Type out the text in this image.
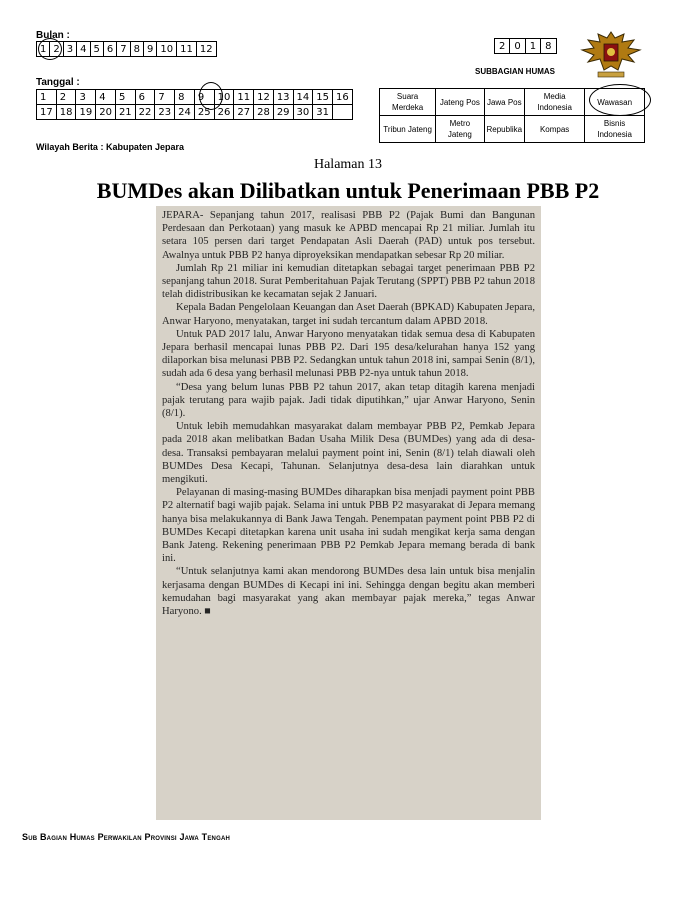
Bulan :
1	2	3	4	5	6	7	8	9	10	11	12
Tanggal :
1	2	3	4	5	6	7	8	9	10	11	12	13	14	15	16
17	18	19	20	21	22	23	24	25	26	27	28	29	30	31	
Wilayah Berita : Kabupaten Jepara
2	0	1	8
SUBBAGIAN HUMAS
Suara Merdeka	Jateng Pos	Jawa Pos	Media Indonesia	Wawasan
Tribun Jateng	Metro Jateng	Republika	Kompas	Bisnis Indonesia
Halaman 13
BUMDes akan Dilibatkan untuk Penerimaan PBB P2

JEPARA- Sepanjang tahun 2017, realisasi PBB P2 (Pajak Bumi dan Bangunan Perdesaan dan Perkotaan) yang masuk ke APBD mencapai Rp 21 miliar. Jumlah itu setara 105 persen dari target Pendapatan Asli Daerah (PAD) untuk pos tersebut. Awalnya untuk PBB P2 hanya diproyeksikan mendapatkan sebesar Rp 20 miliar.

Jumlah Rp 21 miliar ini kemudian ditetapkan sebagai target penerimaan PBB P2 sepanjang tahun 2018. Surat Pemberitahuan Pajak Terutang (SPPT) PBB P2 tahun 2018 telah didistribusikan ke kecamatan sejak 2 Januari.

Kepala Badan Pengelolaan Keuangan dan Aset Daerah (BPKAD) Kabupaten Jepara, Anwar Haryono, menyatakan, target ini sudah tercantum dalam APBD 2018.

Untuk PAD 2017 lalu, Anwar Haryono menyatakan tidak semua desa di Kabupaten Jepara berhasil mencapai lunas PBB P2. Dari 195 desa/kelurahan hanya 152 yang dilaporkan bisa melunasi PBB P2. Sedangkan untuk tahun 2018 ini, sampai Senin (8/1), sudah ada 6 desa yang berhasil melunasi PBB P2-nya untuk tahun 2018.

“Desa yang belum lunas PBB P2 tahun 2017, akan tetap ditagih karena menjadi pajak terutang para wajib pajak. Jadi tidak diputihkan,” ujar Anwar Haryono, Senin (8/1).

Untuk lebih memudahkan masyarakat dalam membayar PBB P2, Pemkab Jepara pada 2018 akan melibatkan Badan Usaha Milik Desa (BUMDes) yang ada di desa-desa. Transaksi pembayaran melalui payment point ini, Senin (8/1) telah diawali oleh BUMDes Desa Kecapi, Tahunan. Selanjutnya desa-desa lain diarahkan untuk mengikuti.

Pelayanan di masing-masing BUMDes diharapkan bisa menjadi payment point PBB P2 alternatif bagi wajib pajak. Selama ini untuk PBB P2 masyarakat di Jepara memang hanya bisa melakukannya di Bank Jawa Tengah. Penempatan payment point PBB P2 di BUMDes Kecapi ditetapkan karena unit usaha ini sudah mengikat kerja sama dengan Bank Jateng. Rekening penerimaan PBB P2 Pemkab Jepara memang berada di bank ini.

“Untuk selanjutnya kami akan mendorong BUMDes desa lain untuk bisa menjalin kerjasama dengan BUMDes di Kecapi ini ini. Sehingga dengan begitu akan memberi kemudahan bagi masyarakat yang akan membayar pajak mereka,” tegas Anwar Haryono. ■

Sub Bagian Humas Perwakilan Provinsi Jawa Tengah
